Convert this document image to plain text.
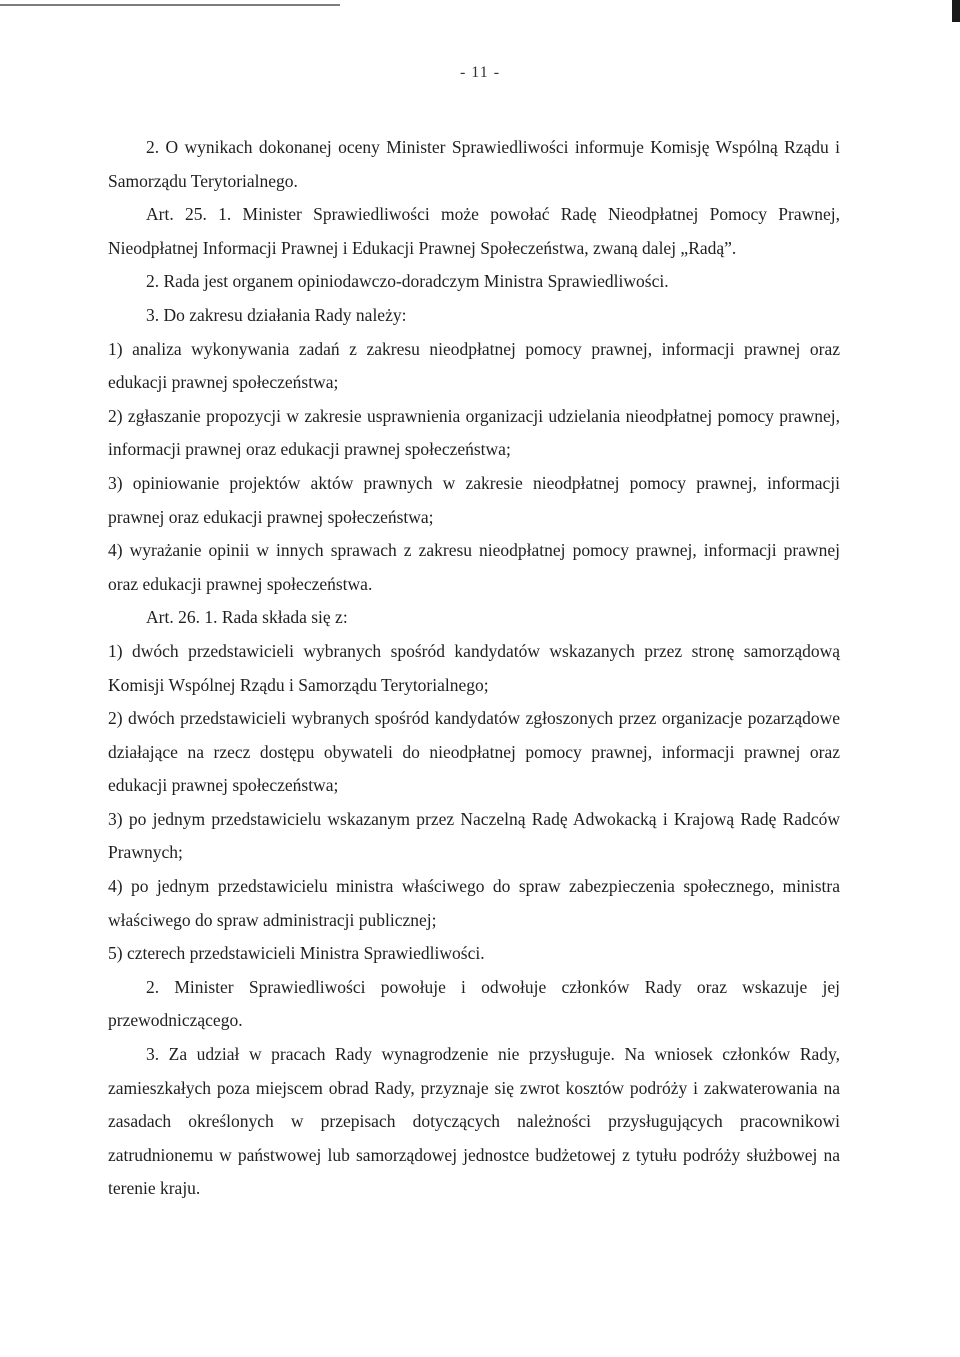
- 11 -

2. O wynikach dokonanej oceny Minister Sprawiedliwości informuje Komisję Wspólną Rządu i Samorządu Terytorialnego.

Art. 25. 1. Minister Sprawiedliwości może powołać Radę Nieodpłatnej Pomocy Prawnej, Nieodpłatnej Informacji Prawnej i Edukacji Prawnej Społeczeństwa, zwaną dalej „Radą”.

2. Rada jest organem opiniodawczo-doradczym Ministra Sprawiedliwości.

3. Do zakresu działania Rady należy:

1) analiza wykonywania zadań z zakresu nieodpłatnej pomocy prawnej, informacji prawnej oraz edukacji prawnej społeczeństwa;

2) zgłaszanie propozycji w zakresie usprawnienia organizacji udzielania nieodpłatnej pomocy prawnej, informacji prawnej oraz edukacji prawnej społeczeństwa;

3) opiniowanie projektów aktów prawnych w zakresie nieodpłatnej pomocy prawnej, informacji prawnej oraz edukacji prawnej społeczeństwa;

4) wyrażanie opinii w innych sprawach z zakresu nieodpłatnej pomocy prawnej, informacji prawnej oraz edukacji prawnej społeczeństwa.

Art. 26. 1. Rada składa się z:

1) dwóch przedstawicieli wybranych spośród kandydatów wskazanych przez stronę samorządową Komisji Wspólnej Rządu i Samorządu Terytorialnego;

2) dwóch przedstawicieli wybranych spośród kandydatów zgłoszonych przez organizacje pozarządowe działające na rzecz dostępu obywateli do nieodpłatnej pomocy prawnej, informacji prawnej oraz edukacji prawnej społeczeństwa;

3) po jednym przedstawicielu wskazanym przez Naczelną Radę Adwokacką i Krajową Radę Radców Prawnych;

4) po jednym przedstawicielu ministra właściwego do spraw zabezpieczenia społecznego, ministra właściwego do spraw administracji publicznej;

5) czterech przedstawicieli Ministra Sprawiedliwości.

2. Minister Sprawiedliwości powołuje i odwołuje członków Rady oraz wskazuje jej przewodniczącego.

3. Za udział w pracach Rady wynagrodzenie nie przysługuje. Na wniosek członków Rady, zamieszkałych poza miejscem obrad Rady, przyznaje się zwrot kosztów podróży i zakwaterowania na zasadach określonych w przepisach dotyczących należności przysługujących pracownikowi zatrudnionemu w państwowej lub samorządowej jednostce budżetowej z tytułu podróży służbowej na terenie kraju.
